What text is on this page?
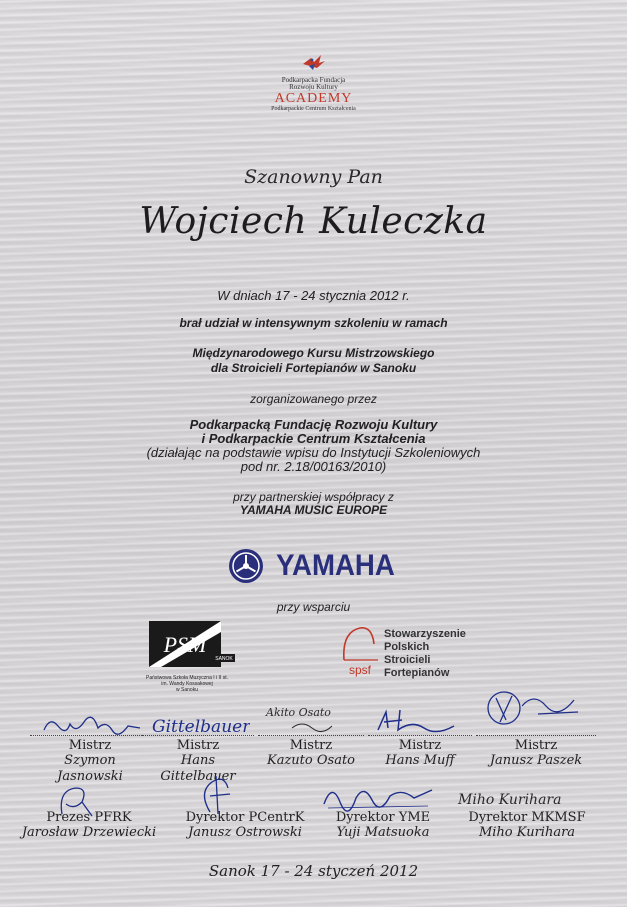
Podkarpacka Fundacja
Rozwoju Kultury
ACADEMY
Podkarpackie Centrum Kształcenia
Szanowny Pan
Wojciech Kuleczka
W dniach 17 - 24 stycznia 2012 r.
brał udział w intensywnym szkoleniu w ramach
Międzynarodowego Kursu Mistrzowskiego
dla Stroicieli Fortepianów w Sanoku
zorganizowanego przez
Podkarpacką Fundację Rozwoju Kultury
i Podkarpackie Centrum Kształcenia
(działając na podstawie wpisu do Instytucji Szkoleniowych
pod nr. 2.18/00163/2010)
przy partnerskiej współpracy z
YAMAHA MUSIC EUROPE
YAMAHA
przy wsparciu
SANOK
PSM
Państwowa Szkoła Muzyczna I i II st.
im. Wandy Kossakowej
w Sanoku
spsf
Stowarzyszenie
Polskich
Stroicieli
Fortepianów
Gittelbauer
Akito Osato
Mistrz
Szymon Jasnowski
Mistrz
Hans Gittelbauer
Mistrz
Kazuto Osato
Mistrz
Hans Muff
Mistrz
Janusz Paszek
Miho Kurihara
Prezes PFRK
Jarosław Drzewiecki
Dyrektor PCentrK
Janusz Ostrowski
Dyrektor YME
Yuji Matsuoka
Dyrektor MKMSF
Miho Kurihara
Sanok 17 - 24 styczeń 2012
